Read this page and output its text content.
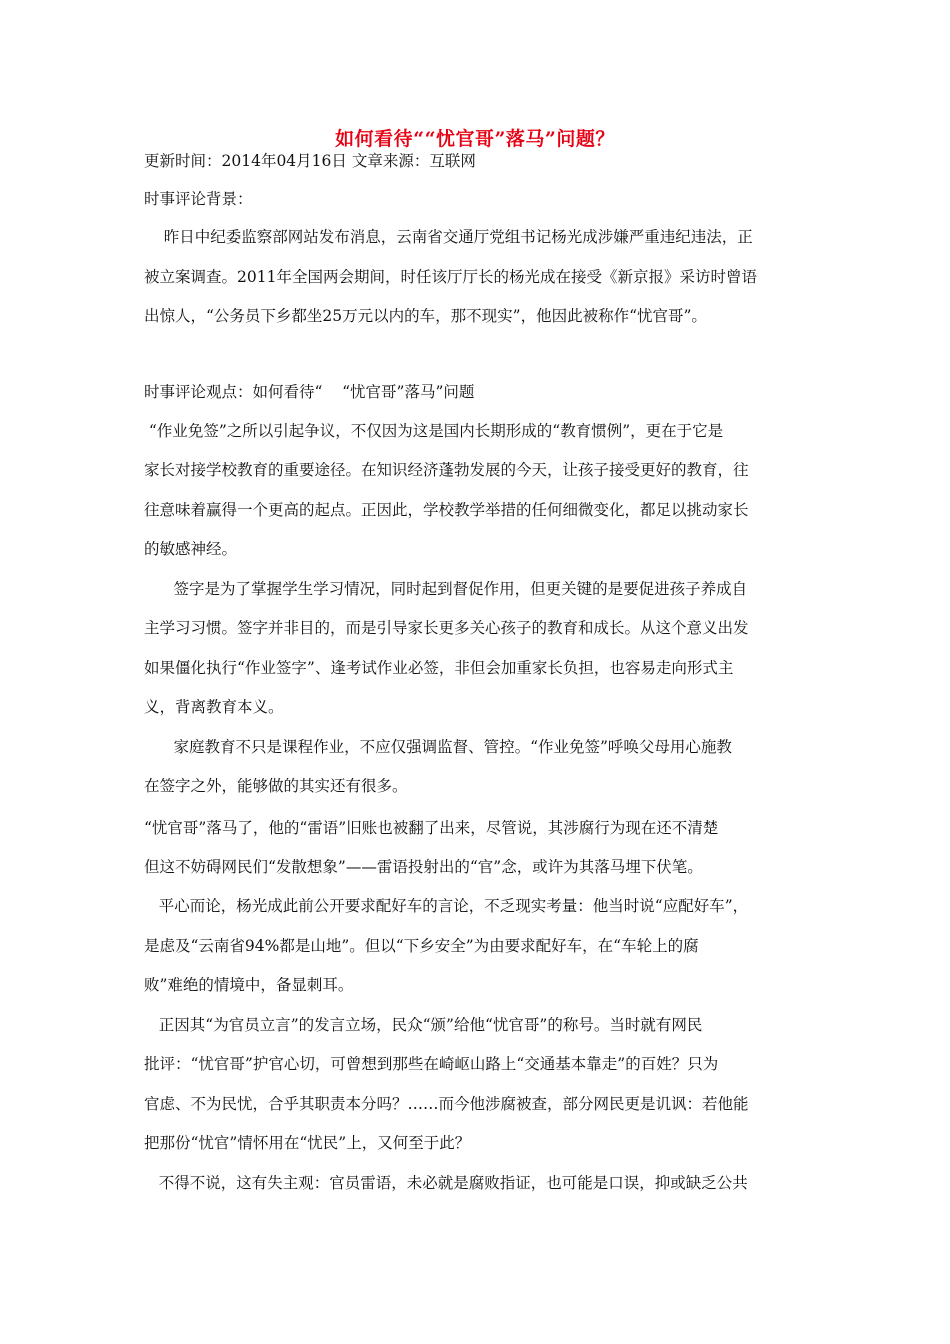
如何看待““忧官哥”落马”问题？
更新时间：2014年04月16日 文章来源：互联网
时事评论背景：
昨日中纪委监察部网站发布消息，云南省交通厅党组书记杨光成涉嫌严重违纪违法，正
被立案调查。2011年全国两会期间，时任该厅厅长的杨光成在接受《新京报》采访时曾语
出惊人，“公务员下乡都坐25万元以内的车，那不现实”，他因此被称作“忧官哥”。
时事评论观点：如何看待“    “忧官哥”落马”问题
“作业免签”之所以引起争议，不仅因为这是国内长期形成的“教育惯例”，更在于它是
家长对接学校教育的重要途径。在知识经济蓬勃发展的今天，让孩子接受更好的教育，往
往意味着赢得一个更高的起点。正因此，学校教学举措的任何细微变化，都足以挑动家长
的敏感神经。
签字是为了掌握学生学习情况，同时起到督促作用，但更关键的是要促进孩子养成自
主学习习惯。签字并非目的，而是引导家长更多关心孩子的教育和成长。从这个意义出发
如果僵化执行“作业签字”、逢考试作业必签，非但会加重家长负担，也容易走向形式主
义，背离教育本义。
家庭教育不只是课程作业，不应仅强调监督、管控。“作业免签”呼唤父母用心施教
在签字之外，能够做的其实还有很多。
“忧官哥”落马了，他的“雷语”旧账也被翻了出来，尽管说，其涉腐行为现在还不清楚
但这不妨碍网民们“发散想象”——雷语投射出的“官”念，或许为其落马埋下伏笔。
平心而论，杨光成此前公开要求配好车的言论，不乏现实考量：他当时说“应配好车”，
是虑及“云南省94%都是山地”。但以“下乡安全”为由要求配好车，在“车轮上的腐
败”难绝的情境中，备显刺耳。
正因其“为官员立言”的发言立场，民众“颁”给他“忧官哥”的称号。当时就有网民
批评：“忧官哥”护官心切，可曾想到那些在崎岖山路上“交通基本靠走”的百姓？只为
官虑、不为民忧，合乎其职责本分吗？……而今他涉腐被查，部分网民更是讥讽：若他能
把那份“忧官”情怀用在“忧民”上，又何至于此？
不得不说，这有失主观：官员雷语，未必就是腐败指证，也可能是口误，抑或缺乏公共
